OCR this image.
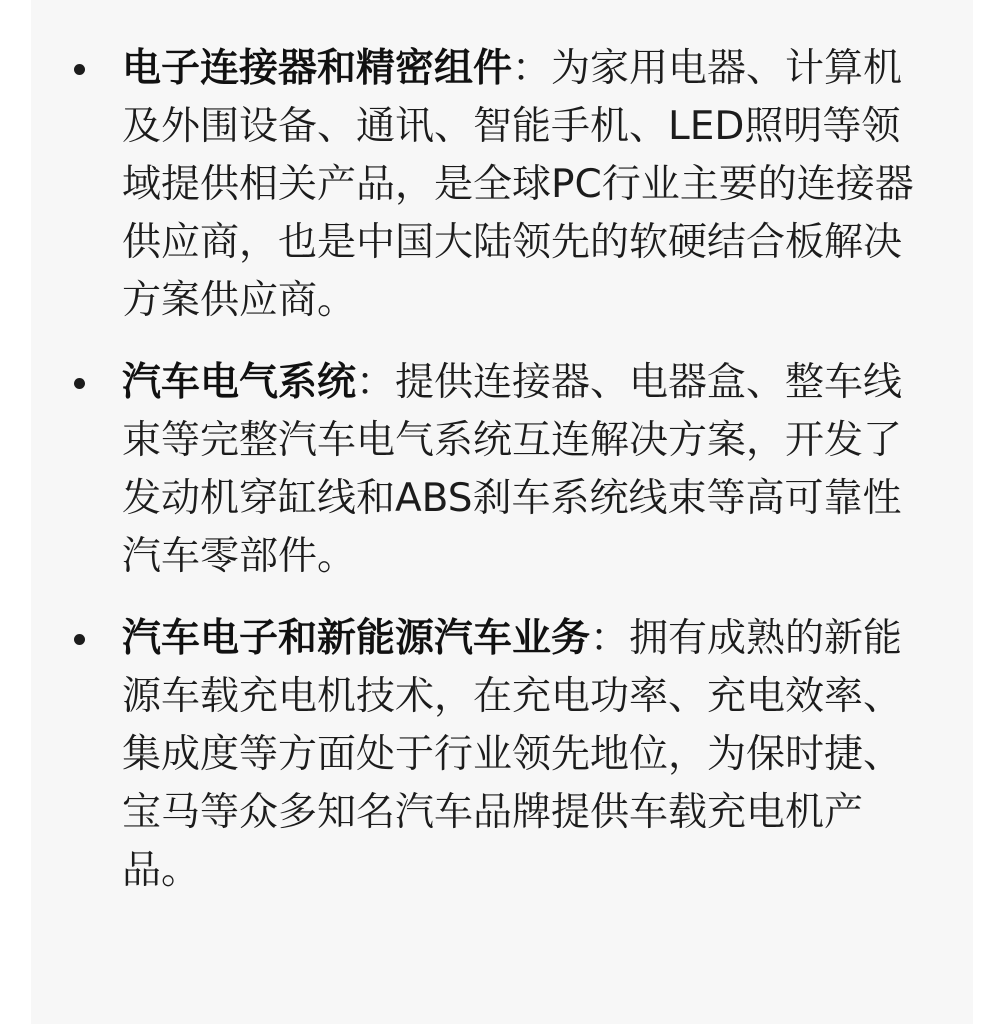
电子连接器和精密组件：为家用电器、计算机及外围设备、通讯、智能手机、LED照明等领域提供相关产品，是全球PC行业主要的连接器供应商，也是中国大陆领先的软硬结合板解决方案供应商。
汽车电气系统：提供连接器、电器盒、整车线束等完整汽车电气系统互连解决方案，开发了发动机穿缸线和ABS刹车系统线束等高可靠性汽车零部件。
汽车电子和新能源汽车业务：拥有成熟的新能源车载充电机技术，在充电功率、充电效率、集成度等方面处于行业领先地位，为保时捷、宝马等众多知名汽车品牌提供车载充电机产品。
